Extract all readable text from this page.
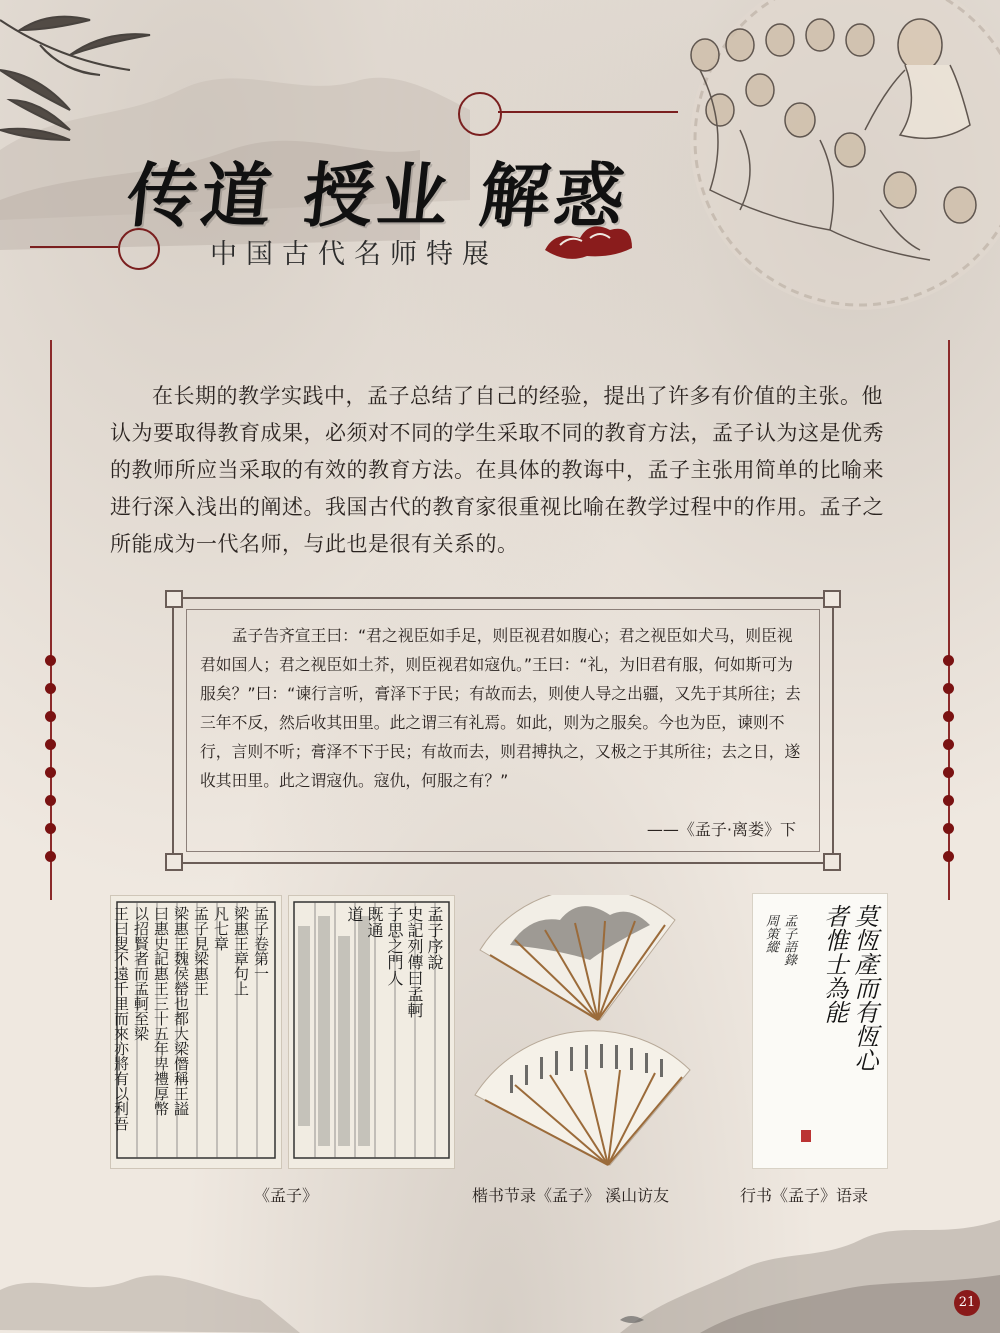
传道 授业 解惑
中国古代名师特展

在长期的教学实践中，孟子总结了自己的经验，提出了许多有价值的主张。他认为要取得教育成果，必须对不同的学生采取不同的教育方法，孟子认为这是优秀的教师所应当采取的有效的教育方法。在具体的教诲中，孟子主张用简单的比喻来进行深入浅出的阐述。我国古代的教育家很重视比喻在教学过程中的作用。孟子之所能成为一代名师，与此也是很有关系的。

孟子告齐宣王曰：“君之视臣如手足，则臣视君如腹心；君之视臣如犬马，则臣视君如国人；君之视臣如土芥，则臣视君如寇仇。”王曰：“礼，为旧君有服，何如斯可为服矣？”曰：“谏行言听，膏泽下于民；有故而去，则使人导之出疆，又先于其所往；去三年不反，然后收其田里。此之谓三有礼焉。如此，则为之服矣。今也为臣，谏则不行，言则不听；膏泽不下于民；有故而去，则君搏执之，又极之于其所往；去之日，遂收其田里。此之谓寇仇。寇仇，何服之有？”

——《孟子·离娄》下
孟子卷第一
梁惠王章句上
凡七章
孟子見梁惠王
梁惠王魏侯罃也都大梁僭稱王謚
曰惠史記惠王三十五年卑禮厚幣
以招賢者而孟軻至梁
王曰叟不遠千里而來亦將有以利吾	孟子序說
史記列傳曰孟軻
子思之門人
既通
道	莫恆產而有恆心
者惟士為能
孟子語錄
周策縱
《孟子》	楷书节录《孟子》 溪山访友	行书《孟子》语录
21
